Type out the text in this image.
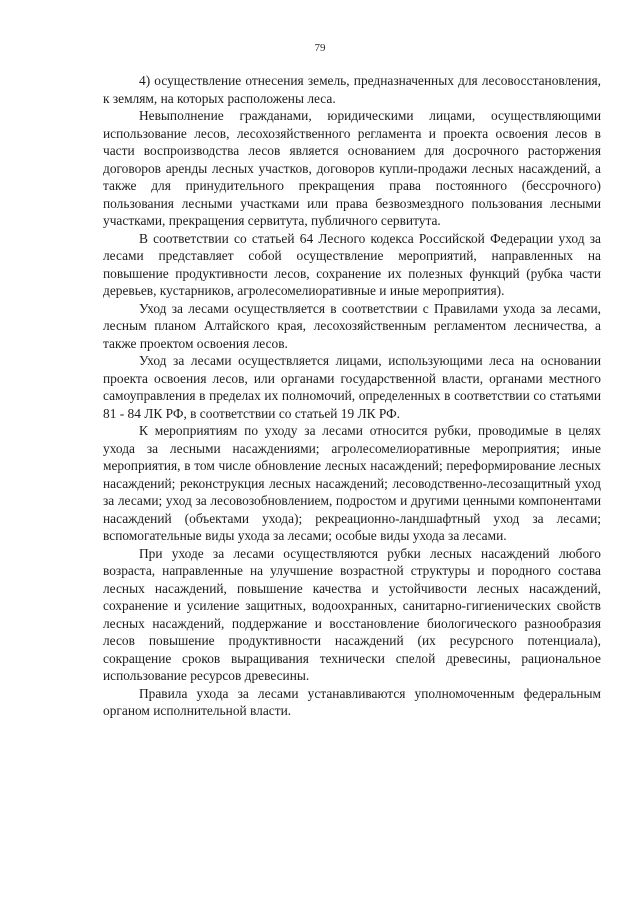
79

4) осуществление отнесения земель, предназначенных для лесовосстановления, к землям, на которых расположены леса.

Невыполнение гражданами, юридическими лицами, осуществляющими использование лесов, лесохозяйственного регламента и проекта освоения лесов в части воспроизводства лесов является основанием для досрочного расторжения договоров аренды лесных участков, договоров купли-продажи лесных насаждений, а также для принудительного прекращения права постоянного (бессрочного) пользования лесными участками или права безвозмездного пользования лесными участками, прекращения сервитута, публичного сервитута.

В соответствии со статьей 64 Лесного кодекса Российской Федерации уход за лесами представляет собой осуществление мероприятий, направленных на повышение продуктивности лесов, сохранение их полезных функций (рубка части деревьев, кустарников, агролесомелиоративные и иные мероприятия).

Уход за лесами осуществляется в соответствии с Правилами ухода за лесами, лесным планом Алтайского края, лесохозяйственным регламентом лесничества, а также проектом освоения лесов.

Уход за лесами осуществляется лицами, использующими леса на основании проекта освоения лесов, или органами государственной власти, органами местного самоуправления в пределах их полномочий, определенных в соответствии со статьями 81 - 84 ЛК РФ, в соответствии со статьей 19 ЛК РФ.

К мероприятиям по уходу за лесами относится рубки, проводимые в целях ухода за лесными насаждениями; агролесомелиоративные мероприятия; иные мероприятия, в том числе обновление лесных насаждений; переформирование лесных насаждений; реконструкция лесных насаждений; лесоводственно-лесозащитный уход за лесами; уход за лесовозобновлением, подростом и другими ценными компонентами насаждений (объектами ухода); рекреационно-ландшафтный уход за лесами; вспомогательные виды ухода за лесами; особые виды ухода за лесами.

При уходе за лесами осуществляются рубки лесных насаждений любого возраста, направленные на улучшение возрастной структуры и породного состава лесных насаждений, повышение качества и устойчивости лесных насаждений, сохранение и усиление защитных, водоохранных, санитарно-гигиенических свойств лесных насаждений, поддержание и восстановление биологического разнообразия лесов повышение продуктивности насаждений (их ресурсного потенциала), сокращение сроков выращивания технически спелой древесины, рациональное использование ресурсов древесины.

Правила ухода за лесами устанавливаются уполномоченным федеральным органом исполнительной власти.
